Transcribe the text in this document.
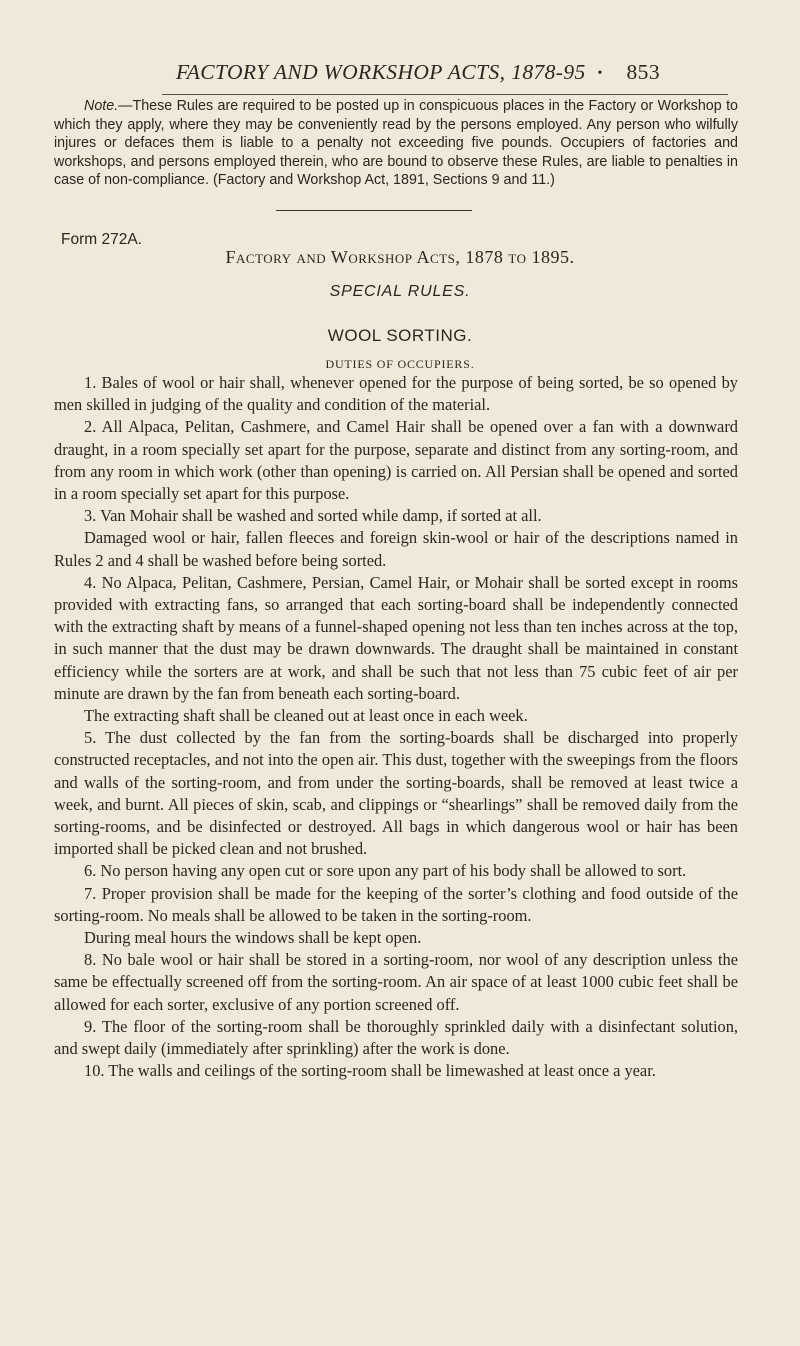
FACTORY AND WORKSHOP ACTS, 1878-95 • 853

Note.—These Rules are required to be posted up in conspicuous places in the Factory or Workshop to which they apply, where they may be conveniently read by the persons employed. Any person who wilfully injures or defaces them is liable to a penalty not exceeding five pounds. Occupiers of factories and workshops, and persons employed therein, who are bound to observe these Rules, are liable to penalties in case of non-compliance. (Factory and Workshop Act, 1891, Sections 9 and 11.)

Form 272A.
Factory and Workshop Acts, 1878 to 1895.
SPECIAL RULES.
WOOL SORTING.
DUTIES OF OCCUPIERS.

1. Bales of wool or hair shall, whenever opened for the purpose of being sorted, be so opened by men skilled in judging of the quality and condition of the material.

2. All Alpaca, Pelitan, Cashmere, and Camel Hair shall be opened over a fan with a downward draught, in a room specially set apart for the purpose, separate and distinct from any sorting-room, and from any room in which work (other than opening) is carried on. All Persian shall be opened and sorted in a room specially set apart for this purpose.

3. Van Mohair shall be washed and sorted while damp, if sorted at all.

Damaged wool or hair, fallen fleeces and foreign skin-wool or hair of the descriptions named in Rules 2 and 4 shall be washed before being sorted.

4. No Alpaca, Pelitan, Cashmere, Persian, Camel Hair, or Mohair shall be sorted except in rooms provided with extracting fans, so arranged that each sorting-board shall be independently connected with the extracting shaft by means of a funnel-shaped opening not less than ten inches across at the top, in such manner that the dust may be drawn downwards. The draught shall be maintained in constant efficiency while the sorters are at work, and shall be such that not less than 75 cubic feet of air per minute are drawn by the fan from beneath each sorting-board.

The extracting shaft shall be cleaned out at least once in each week.

5. The dust collected by the fan from the sorting-boards shall be discharged into properly constructed receptacles, and not into the open air. This dust, together with the sweepings from the floors and walls of the sorting-room, and from under the sorting-boards, shall be removed at least twice a week, and burnt. All pieces of skin, scab, and clippings or “shearlings” shall be removed daily from the sorting-rooms, and be disinfected or destroyed. All bags in which dangerous wool or hair has been imported shall be picked clean and not brushed.

6. No person having any open cut or sore upon any part of his body shall be allowed to sort.

7. Proper provision shall be made for the keeping of the sorter’s clothing and food outside of the sorting-room. No meals shall be allowed to be taken in the sorting-room.

During meal hours the windows shall be kept open.

8. No bale wool or hair shall be stored in a sorting-room, nor wool of any description unless the same be effectually screened off from the sorting-room. An air space of at least 1000 cubic feet shall be allowed for each sorter, exclusive of any portion screened off.

9. The floor of the sorting-room shall be thoroughly sprinkled daily with a disinfectant solution, and swept daily (immediately after sprinkling) after the work is done.

10. The walls and ceilings of the sorting-room shall be limewashed at least once a year.
